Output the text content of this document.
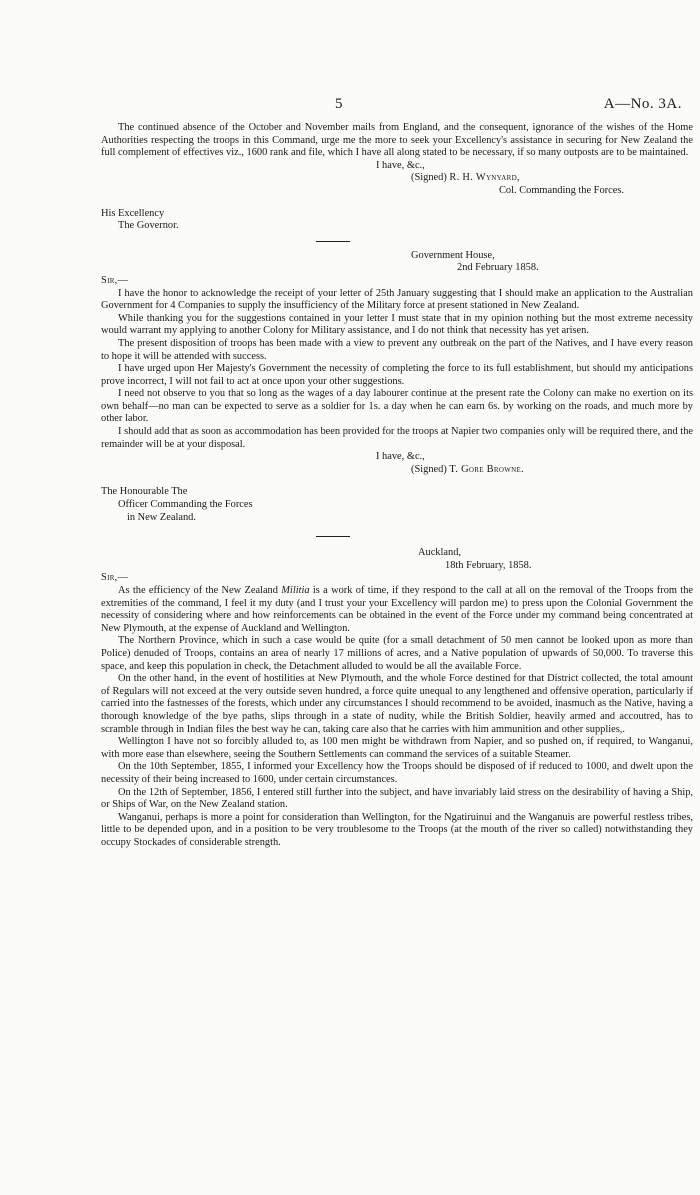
5	A—No. 3A.

The continued absence of the October and November mails from England, and the consequent, ignorance of the wishes of the Home Authorities respecting the troops in this Command, urge me the more to seek your Excellency's assistance in securing for New Zealand the full complement of effectives viz., 1600 rank and file, which I have all along stated to be necessary, if so many outposts are to be maintained.

I have, &c.,

(Signed) R. H. Wynyard,

Col. Commanding the Forces.

His Excellency

The Governor.

Government House,

2nd February 1858.

Sir,—

I have the honor to acknowledge the receipt of your letter of 25th January suggesting that I should make an application to the Australian Government for 4 Companies to supply the insufficiency of the Military force at present stationed in New Zealand.

While thanking you for the suggestions contained in your letter I must state that in my opinion nothing but the most extreme necessity would warrant my applying to another Colony for Military assistance, and I do not think that necessity has yet arisen.

The present disposition of troops has been made with a view to prevent any outbreak on the part of the Natives, and I have every reason to hope it will be attended with success.

I have urged upon Her Majesty's Government the necessity of completing the force to its full establishment, but should my anticipations prove incorrect, I will not fail to act at once upon your other suggestions.

I need not observe to you that so long as the wages of a day labourer continue at the present rate the Colony can make no exertion on its own behalf—no man can be expected to serve as a soldier for 1s. a day when he can earn 6s. by working on the roads, and much more by other labor.

I should add that as soon as accommodation has been provided for the troops at Napier two companies only will be required there, and the remainder will be at your disposal.

I have, &c.,

(Signed) T. Gore Browne.

The Honourable The

Officer Commanding the Forces

in New Zealand.

Auckland,

18th February, 1858.

Sir,—

As the efficiency of the New Zealand Militia is a work of time, if they respond to the call at all on the removal of the Troops from the extremities of the command, I feel it my duty (and I trust your your Excellency will pardon me) to press upon the Colonial Government the necessity of considering where and how reinforcements can be obtained in the event of the Force under my command being concentrated at New Plymouth, at the expense of Auckland and Wellington.

The Northern Province, which in such a case would be quite (for a small detachment of 50 men cannot be looked upon as more than Police) denuded of Troops, contains an area of nearly 17 millions of acres, and a Native population of upwards of 50,000. To traverse this space, and keep this population in check, the Detachment alluded to would be all the available Force.

On the other hand, in the event of hostilities at New Plymouth, and the whole Force destined for that District collected, the total amount of Regulars will not exceed at the very outside seven hundred, a force quite unequal to any lengthened and offensive operation, particularly if carried into the fastnesses of the forests, which under any circumstances I should recommend to be avoided, inasmuch as the Native, having a thorough knowledge of the bye paths, slips through in a state of nudity, while the British Soldier, heavily armed and accoutred, has to scramble through in Indian files the best way he can, taking care also that he carries with him ammunition and other supplies,.

Wellington I have not so forcibly alluded to, as 100 men might be withdrawn from Napier, and so pushed on, if required, to Wanganui, with more ease than elsewhere, seeing the Southern Settlements can command the services of a suitable Steamer.

On the 10th September, 1855, I informed your Excellency how the Troops should be disposed of if reduced to 1000, and dwelt upon the necessity of their being increased to 1600, under certain circumstances.

On the 12th of September, 1856, I entered still further into the subject, and have invariably laid stress on the desirability of having a Ship, or Ships of War, on the New Zealand station.

Wanganui, perhaps is more a point for consideration than Wellington, for the Ngatiruinui and the Wanganuis are powerful restless tribes, little to be depended upon, and in a position to be very troublesome to the Troops (at the mouth of the river so called) notwithstanding they occupy Stockades of considerable strength.
